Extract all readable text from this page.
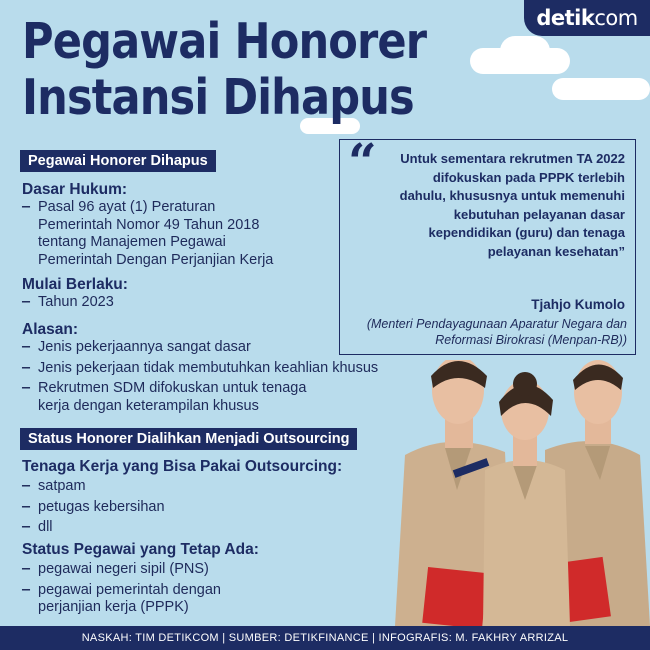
detik com
Pegawai Honorer
Instansi Dihapus
Pegawai Honorer Dihapus

Dasar Hukum:

‒ Pasal 96 ayat (1) Peraturan Pemerintah Nomor 49 Tahun 2018 tentang Manajemen Pegawai Pemerintah Dengan Perjanjian Kerja

Mulai Berlaku:

‒ Tahun 2023

Alasan:

‒ Jenis pekerjaannya sangat dasar
‒ Jenis pekerjaan tidak membutuhkan keahlian khusus
‒ Rekrutmen SDM difokuskan untuk tenaga kerja dengan keterampilan khusus
Status Honorer Dialihkan Menjadi Outsourcing

Tenaga Kerja yang Bisa Pakai Outsourcing:

‒ satpam
‒ petugas kebersihan
‒ dll

Status Pegawai yang Tetap Ada:

‒ pegawai negeri sipil (PNS)
‒ pegawai pemerintah dengan perjanjian kerja (PPPK)
“	Untuk sementara rekrutmen TA 2022 difokuskan pada PPPK terlebih dahulu, khususnya untuk memenuhi kebutuhan pelayanan dasar kependidikan (guru) dan tenaga pelayanan kesehatan”
Tjahjo Kumolo
(Menteri Pendayagunaan Aparatur Negara dan Reformasi Birokrasi (Menpan-RB))
NASKAH: TIM DETIKCOM | SUMBER: DETIKFINANCE | INFOGRAFIS: M. FAKHRY ARRIZAL
